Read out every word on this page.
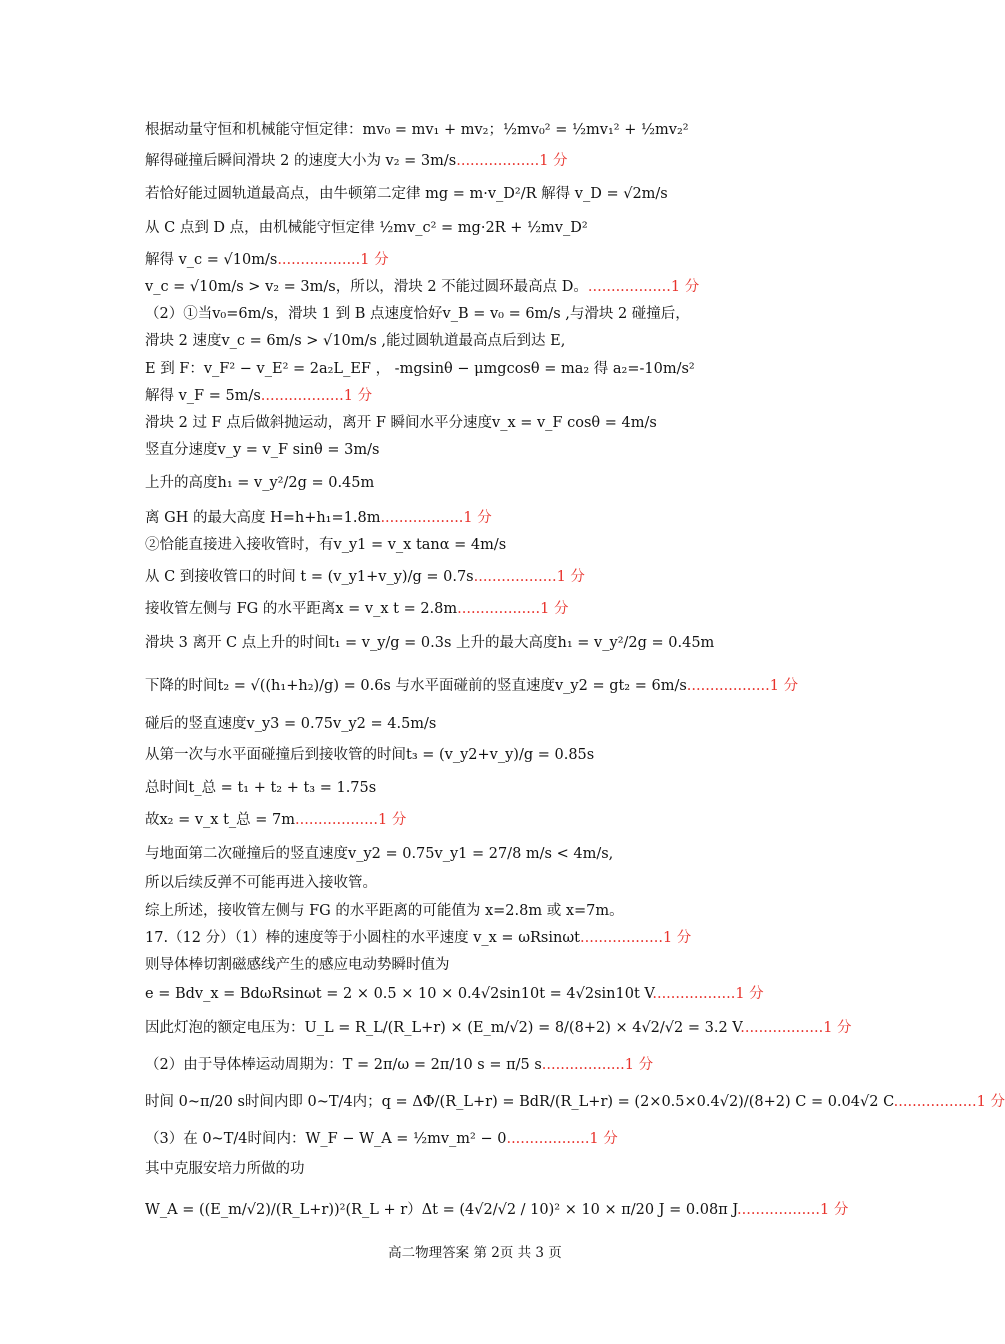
根据动量守恒和机械能守恒定律：mv₀ = mv₁ + mv₂；½mv₀² = ½mv₁² + ½mv₂²
解得碰撞后瞬间滑块 2 的速度大小为 v₂ = 3m/s..................1 分
若恰好能过圆轨道最高点，由牛顿第二定律 mg = m·v_D²/R 解得 v_D = √2m/s
从 C 点到 D 点，由机械能守恒定律 ½mv_c² = mg·2R + ½mv_D²
解得 v_c = √10m/s..................1 分
v_c = √10m/s > v₂ = 3m/s，所以，滑块 2 不能过圆环最高点 D。..................1 分
（2）①当v₀=6m/s，滑块 1 到 B 点速度恰好v_B = v₀ = 6m/s ,与滑块 2 碰撞后，
滑块 2 速度v_c = 6m/s > √10m/s ,能过圆轨道最高点后到达 E,
E 到 F：v_F² − v_E² = 2a₂L_EF ， -mgsinθ − μmgcosθ = ma₂ 得 a₂=-10m/s²
解得 v_F = 5m/s..................1 分
滑块 2 过 F 点后做斜抛运动，离开 F 瞬间水平分速度v_x = v_F cosθ = 4m/s
竖直分速度v_y = v_F sinθ = 3m/s
上升的高度h₁ = v_y²/2g = 0.45m
离 GH 的最大高度 H=h+h₁=1.8m..................1 分
②恰能直接进入接收管时，有v_y1 = v_x tanα = 4m/s
从 C 到接收管口的时间 t = (v_y1+v_y)/g = 0.7s..................1 分
接收管左侧与 FG 的水平距离x = v_x t = 2.8m..................1 分
滑块 3 离开 C 点上升的时间t₁ = v_y/g = 0.3s 上升的最大高度h₁ = v_y²/2g = 0.45m
下降的时间t₂ = √((h₁+h₂)/g) = 0.6s 与水平面碰前的竖直速度v_y2 = gt₂ = 6m/s..................1 分
碰后的竖直速度v_y3 = 0.75v_y2 = 4.5m/s
从第一次与水平面碰撞后到接收管的时间t₃ = (v_y2+v_y)/g = 0.85s
总时间t_总 = t₁ + t₂ + t₃ = 1.75s
故x₂ = v_x t_总 = 7m..................1 分
与地面第二次碰撞后的竖直速度v_y2 = 0.75v_y1 = 27/8 m/s < 4m/s,
所以后续反弹不可能再进入接收管。
综上所述，接收管左侧与 FG 的水平距离的可能值为 x=2.8m 或 x=7m。
17.（12 分）（1）棒的速度等于小圆柱的水平速度 v_x = ωRsinωt..................1 分
则导体棒切割磁感线产生的感应电动势瞬时值为
e = Bdv_x = BdωRsinωt = 2 × 0.5 × 10 × 0.4√2sin10t = 4√2sin10t V..................1 分
因此灯泡的额定电压为：U_L = R_L/(R_L+r) × (E_m/√2) = 8/(8+2) × 4√2/√2 = 3.2 V..................1 分
（2）由于导体棒运动周期为：T = 2π/ω = 2π/10 s = π/5 s..................1 分
时间 0~π/20 s时间内即 0~T/4内；q = ΔΦ/(R_L+r) = BdR/(R_L+r) = (2×0.5×0.4√2)/(8+2) C = 0.04√2 C..................1 分
（3）在 0~T/4时间内：W_F − W_A = ½mv_m² − 0..................1 分
其中克服安培力所做的功
W_A = ((E_m/√2)/(R_L+r))²(R_L + r）Δt = (4√2/√2 / 10)² × 10 × π/20 J = 0.08π J..................1 分
高二物理答案 第 2页 共 3 页
